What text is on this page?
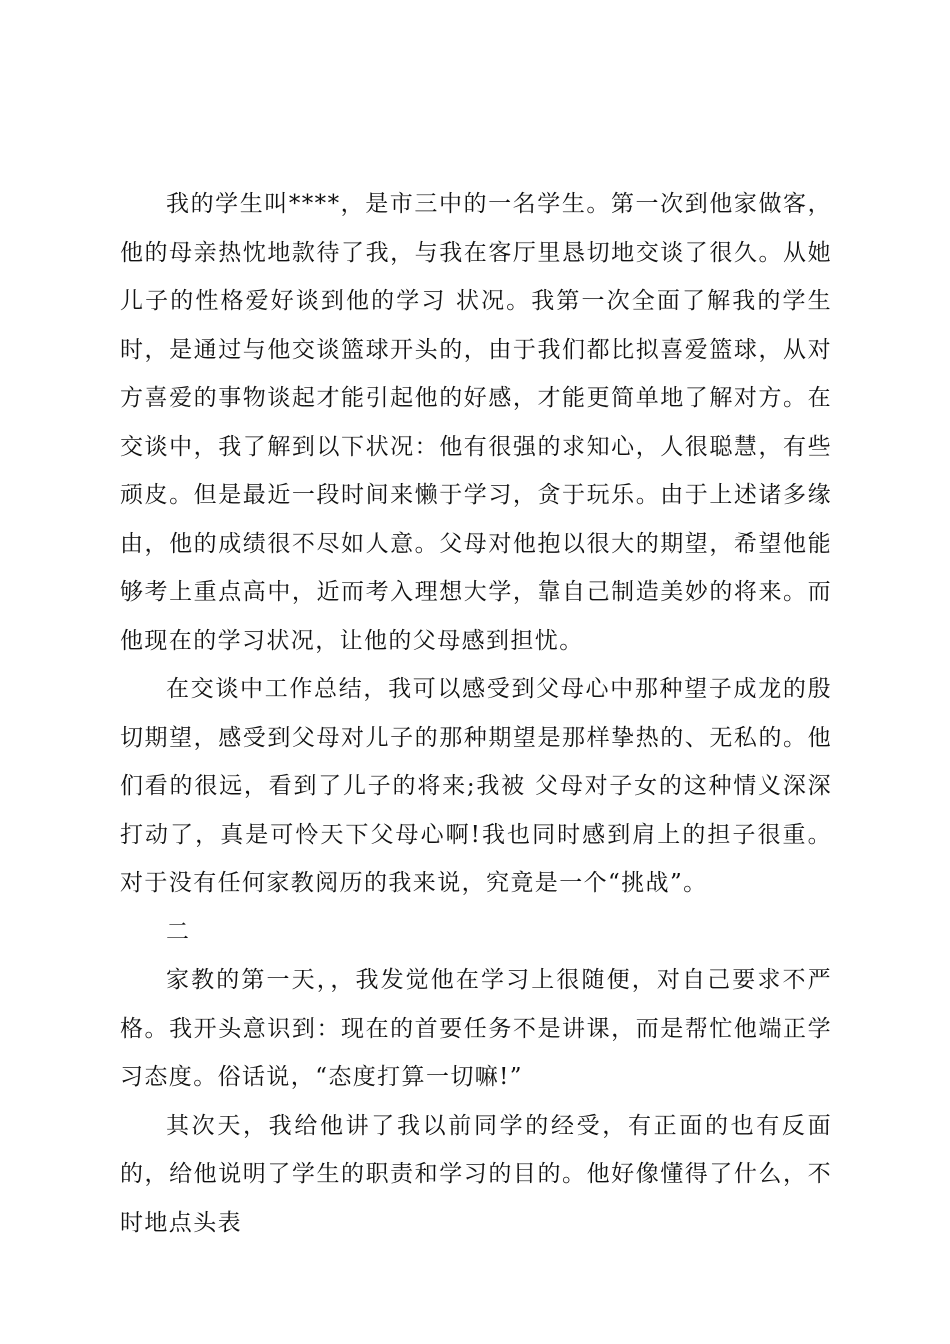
我的学生叫****，是市三中的一名学生。第一次到他家做客，他的母亲热忱地款待了我，与我在客厅里恳切地交谈了很久。从她儿子的性格爱好谈到他的学习 状况。我第一次全面了解我的学生时，是通过与他交谈篮球开头的，由于我们都比拟喜爱篮球，从对方喜爱的事物谈起才能引起他的好感，才能更简单地了解对方。在交谈中，我了解到以下状况：他有很强的求知心，人很聪慧，有些顽皮。但是最近一段时间来懒于学习，贪于玩乐。由于上述诸多缘由，他的成绩很不尽如人意。父母对他抱以很大的期望，希望他能够考上重点高中，近而考入理想大学，靠自己制造美妙的将来。而他现在的学习状况，让他的父母感到担忧。

在交谈中工作总结，我可以感受到父母心中那种望子成龙的殷切期望，感受到父母对儿子的那种期望是那样挚热的、无私的。他们看的很远，看到了儿子的将来;我被 父母对子女的这种情义深深打动了，真是可怜天下父母心啊!我也同时感到肩上的担子很重。对于没有任何家教阅历的我来说，究竟是一个“挑战”。

二

家教的第一天，，我发觉他在学习上很随便，对自己要求不严格。我开头意识到：现在的首要任务不是讲课，而是帮忙他端正学习态度。俗话说，“态度打算一切嘛!”

其次天，我给他讲了我以前同学的经受，有正面的也有反面的，给他说明了学生的职责和学习的目的。他好像懂得了什么，不时地点头表
